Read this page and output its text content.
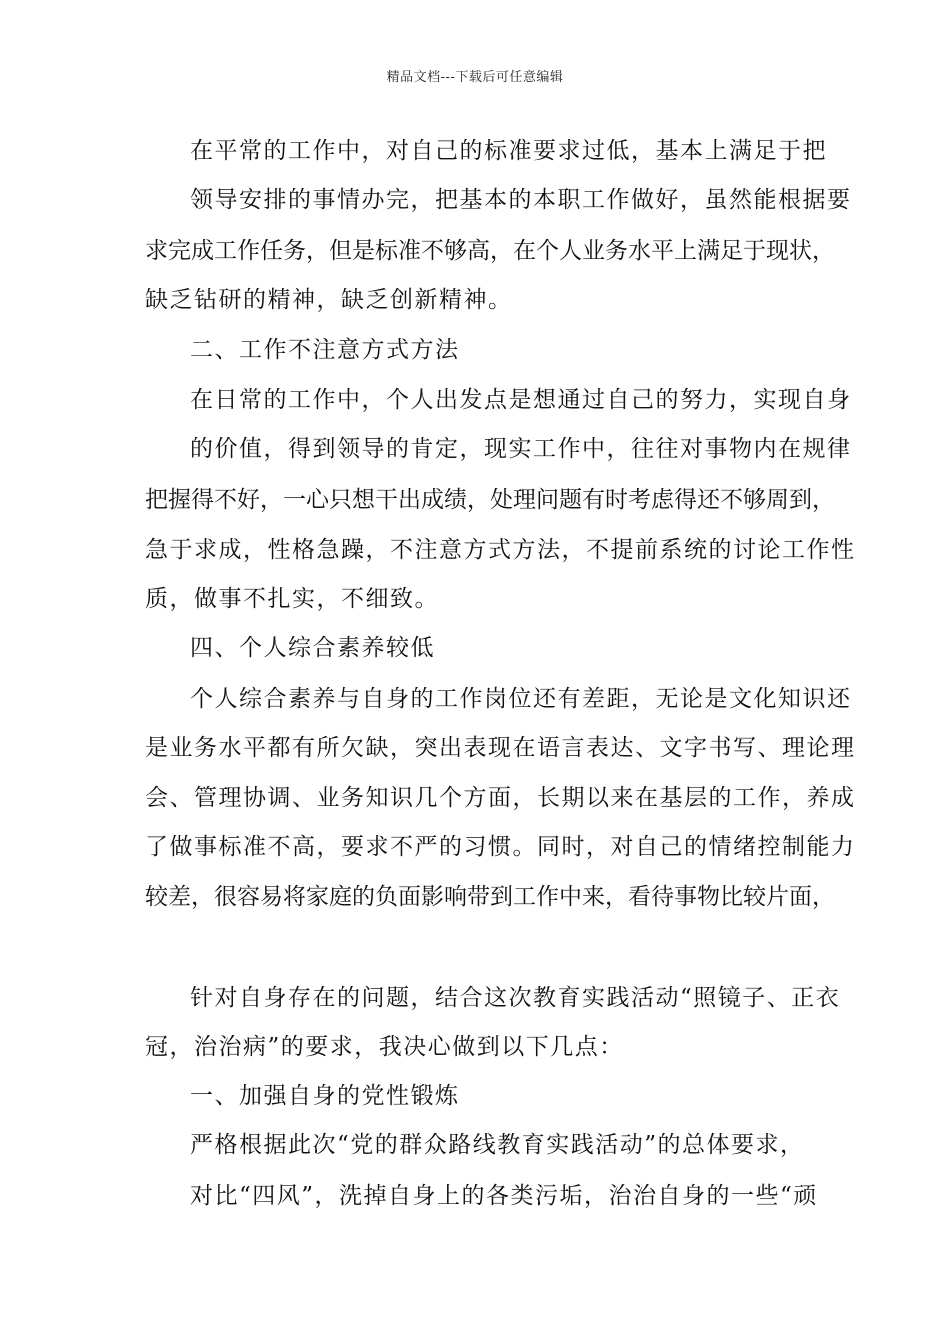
精品文档---下载后可任意编辑
在平常的工作中，对自己的标准要求过低，基本上满足于把
领导安排的事情办完，把基本的本职工作做好，虽然能根据要
求完成工作任务，但是标准不够高，在个人业务水平上满足于现状，
缺乏钻研的精神，缺乏创新精神。
二、工作不注意方式方法
在日常的工作中，个人出发点是想通过自己的努力，实现自身
的价值，得到领导的肯定，现实工作中，往往对事物内在规律
把握得不好，一心只想干出成绩，处理问题有时考虑得还不够周到，
急于求成，性格急躁，不注意方式方法，不提前系统的讨论工作性
质，做事不扎实，不细致。
四、个人综合素养较低
个人综合素养与自身的工作岗位还有差距，无论是文化知识还
是业务水平都有所欠缺，突出表现在语言表达、文字书写、理论理
会、管理协调、业务知识几个方面，长期以来在基层的工作，养成
了做事标准不高，要求不严的习惯。同时，对自己的情绪控制能力
较差，很容易将家庭的负面影响带到工作中来，看待事物比较片面，
针对自身存在的问题，结合这次教育实践活动“照镜子、正衣
冠，治治病”的要求，我决心做到以下几点：
一、加强自身的党性锻炼
严格根据此次“党的群众路线教育实践活动”的总体要求，
对比“四风”，洗掉自身上的各类污垢，治治自身的一些“顽
